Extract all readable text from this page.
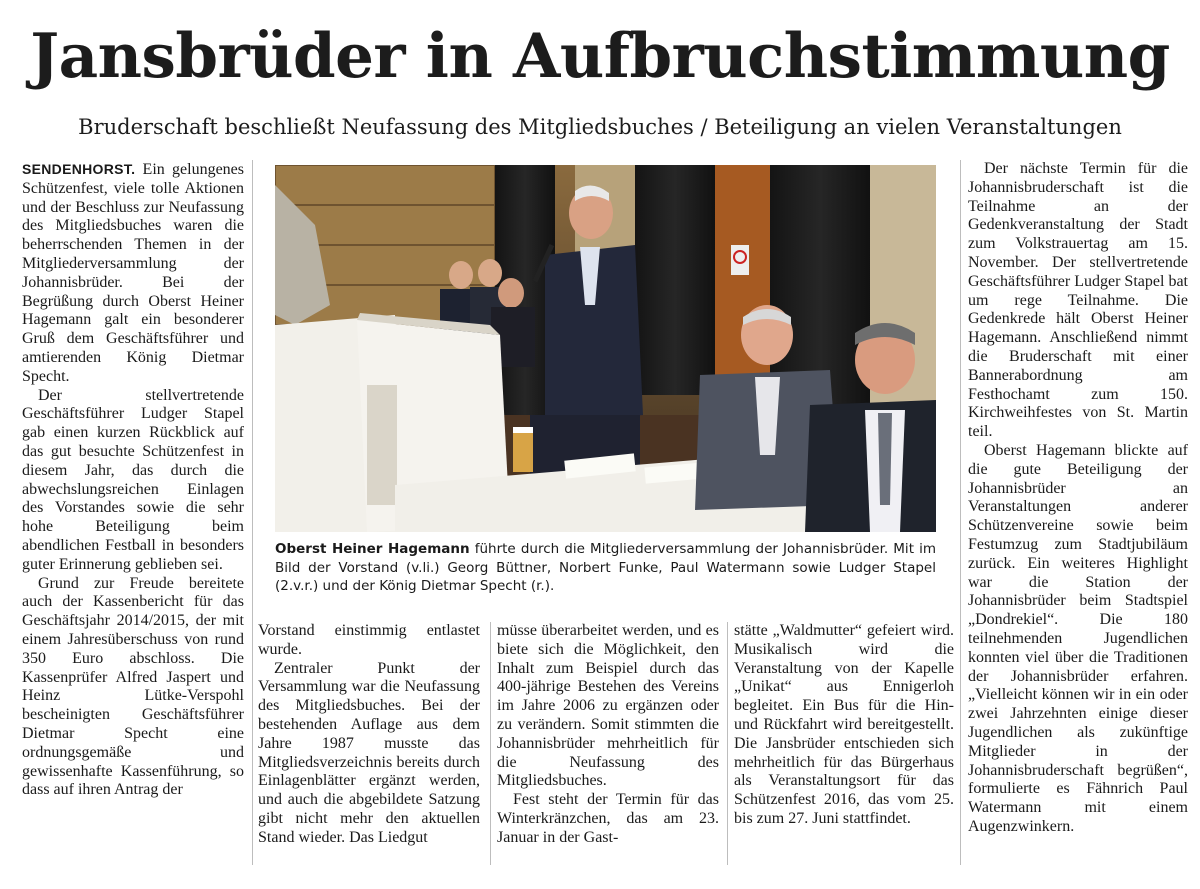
Jansbrüder in Aufbruchstimmung
Bruderschaft beschließt Neufassung des Mitgliedsbuches / Beteiligung an vielen Veranstaltungen

SENDENHORST. Ein gelungenes Schützenfest, viele tolle Aktionen und der Beschluss zur Neufassung des Mitgliedsbuches waren die beherrschenden Themen in der Mitgliederversammlung der Johannisbrüder. Bei der Begrüßung durch Oberst Heiner Hagemann galt ein besonderer Gruß dem Geschäftsführer und amtierenden König Dietmar Specht.

Der stellvertretende Geschäftsführer Ludger Stapel gab einen kurzen Rückblick auf das gut besuchte Schützenfest in diesem Jahr, das durch die abwechslungsreichen Einlagen des Vorstandes sowie die sehr hohe Beteiligung beim abendlichen Festball in besonders guter Erinnerung geblieben sei.

Grund zur Freude bereitete auch der Kassenbericht für das Geschäftsjahr 2014/2015, der mit einem Jahresüberschuss von rund 350 Euro abschloss. Die Kassenprüfer Alfred Jaspert und Heinz Lütke-Verspohl bescheinigten Geschäftsführer Dietmar Specht eine ordnungsgemäße und gewissenhafte Kassenführung, so dass auf ihren Antrag der

Oberst Heiner Hagemann führte durch die Mitgliederversammlung der Johannisbrüder. Mit im Bild der Vorstand (v.li.) Georg Büttner, Norbert Funke, Paul Watermann sowie Ludger Stapel (2.v.r.) und der König Dietmar Specht (r.).

Vorstand einstimmig entlastet wurde.

Zentraler Punkt der Versammlung war die Neufassung des Mitgliedsbuches. Bei der bestehenden Auflage aus dem Jahre 1987 musste das Mitgliedsverzeichnis bereits durch Einlagenblätter ergänzt werden, und auch die abgebildete Satzung gibt nicht mehr den aktuellen Stand wieder. Das Liedgut

müsse überarbeitet werden, und es biete sich die Möglichkeit, den Inhalt zum Beispiel durch das 400-jährige Bestehen des Vereins im Jahre 2006 zu ergänzen oder zu verändern. Somit stimmten die Johannisbrüder mehrheitlich für die Neufassung des Mitgliedsbuches.

Fest steht der Termin für das Winterkränzchen, das am 23. Januar in der Gast-

stätte „Waldmutter“ gefeiert wird. Musikalisch wird die Veranstaltung von der Kapelle „Unikat“ aus Ennigerloh begleitet. Ein Bus für die Hin- und Rückfahrt wird bereitgestellt. Die Jansbrüder entschieden sich mehrheitlich für das Bürgerhaus als Veranstaltungsort für das Schützenfest 2016, das vom 25. bis zum 27. Juni stattfindet.

Der nächste Termin für die Johannisbruderschaft ist die Teilnahme an der Gedenkveranstaltung der Stadt zum Volkstrauertag am 15. November. Der stellvertretende Geschäftsführer Ludger Stapel bat um rege Teilnahme. Die Gedenkrede hält Oberst Heiner Hagemann. Anschließend nimmt die Bruderschaft mit einer Bannerabordnung am Festhochamt zum 150. Kirchweihfestes von St. Martin teil.

Oberst Hagemann blickte auf die gute Beteiligung der Johannisbrüder an Veranstaltungen anderer Schützenvereine sowie beim Festumzug zum Stadtjubiläum zurück. Ein weiteres Highlight war die Station der Johannisbrüder beim Stadtspiel „Dondrekiel“. Die 180 teilnehmenden Jugendlichen konnten viel über die Traditionen der Johannisbrüder erfahren. „Vielleicht können wir in ein oder zwei Jahrzehnten einige dieser Jugendlichen als zukünftige Mitglieder in der Johannisbruderschaft begrüßen“, formulierte es Fähnrich Paul Watermann mit einem Augenzwinkern.
